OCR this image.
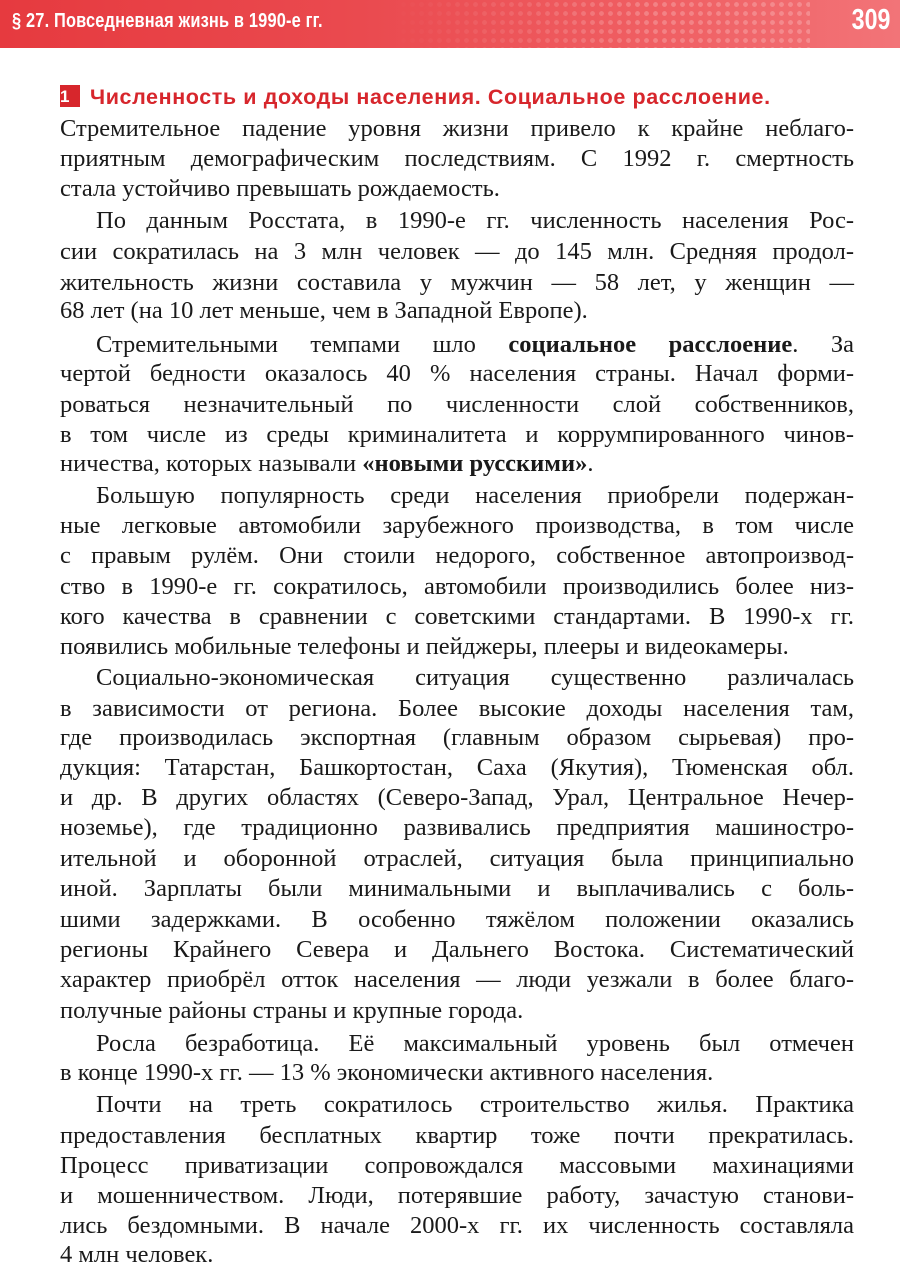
§ 27. Повседневная жизнь в 1990-е гг.	309
1 Численность и доходы населения. Социальное расслоение.
Стремительное падение уровня жизни привело к крайне неблаго-
приятным демографическим последствиям. С 1992 г. смертность
стала устойчиво превышать рождаемость.
По данным Росстата, в 1990-е гг. численность населения Рос-
сии сократилась на 3 млн человек — до 145 млн. Средняя продол-
жительность жизни составила у мужчин — 58 лет, у женщин —
68 лет (на 10 лет меньше, чем в Западной Европе).
Стремительными темпами шло социальное расслоение. За
чертой бедности оказалось 40 % населения страны. Начал форми-
роваться незначительный по численности слой собственников,
в том числе из среды криминалитета и коррумпированного чинов-
ничества, которых называли «новыми русскими».
Большую популярность среди населения приобрели подержан-
ные легковые автомобили зарубежного производства, в том числе
с правым рулём. Они стоили недорого, собственное автопроизвод-
ство в 1990-е гг. сократилось, автомобили производились более низ-
кого качества в сравнении с советскими стандартами. В 1990-х гг.
появились мобильные телефоны и пейджеры, плееры и видеокамеры.
Социально-экономическая ситуация существенно различалась
в зависимости от региона. Более высокие доходы населения там,
где производилась экспортная (главным образом сырьевая) про-
дукция: Татарстан, Башкортостан, Саха (Якутия), Тюменская обл.
и др. В других областях (Северо-Запад, Урал, Центральное Нечер-
ноземье), где традиционно развивались предприятия машиностро-
ительной и оборонной отраслей, ситуация была принципиально
иной. Зарплаты были минимальными и выплачивались с боль-
шими задержками. В особенно тяжёлом положении оказались
регионы Крайнего Севера и Дальнего Востока. Систематический
характер приобрёл отток населения — люди уезжали в более благо-
получные районы страны и крупные города.
Росла безработица. Её максимальный уровень был отмечен
в конце 1990-х гг. — 13 % экономически активного населения.
Почти на треть сократилось строительство жилья. Практика
предоставления бесплатных квартир тоже почти прекратилась.
Процесс приватизации сопровождался массовыми махинациями
и мошенничеством. Люди, потерявшие работу, зачастую станови-
лись бездомными. В начале 2000-х гг. их численность составляла
4 млн человек.
